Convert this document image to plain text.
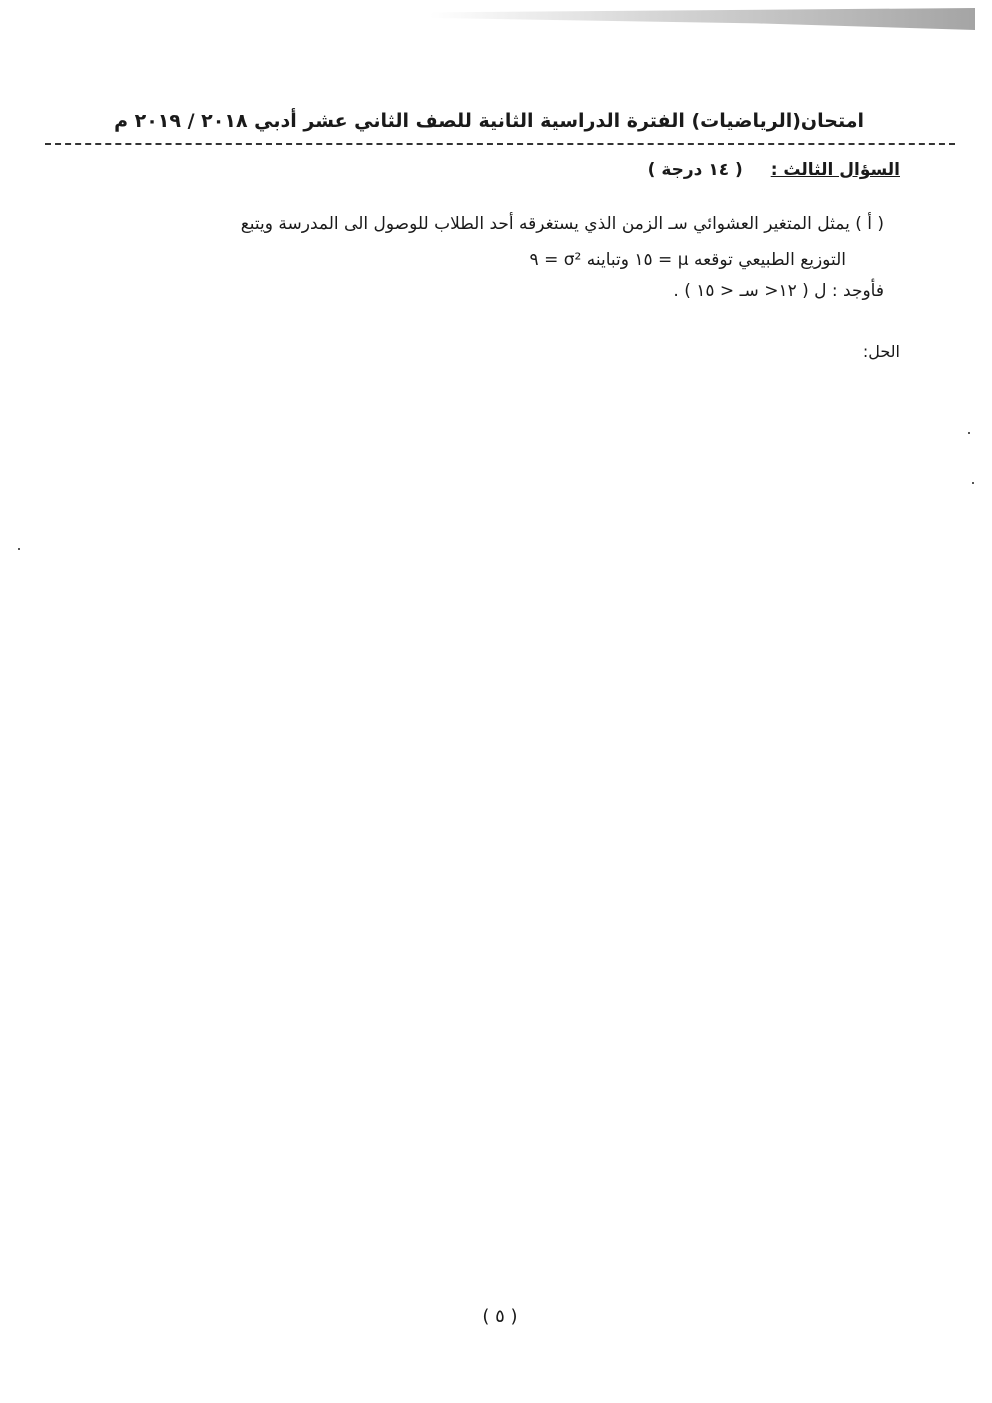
امتحان(الرياضيات) الفترة الدراسية الثانية للصف الثاني عشر أدبي ٢٠١٨ / ٢٠١٩ م
السؤال الثالث : ( ١٤ درجة )
( أ ) يمثل المتغير العشوائي سـ الزمن الذي يستغرقه أحد الطلاب للوصول الى المدرسة ويتبع
التوزيع الطبيعي توقعه μ = ١٥ وتباينه σ² = ٩
فأوجد : ل ( ١٢< سـ < ١٥ ) .
الحل:
( ٥ )
